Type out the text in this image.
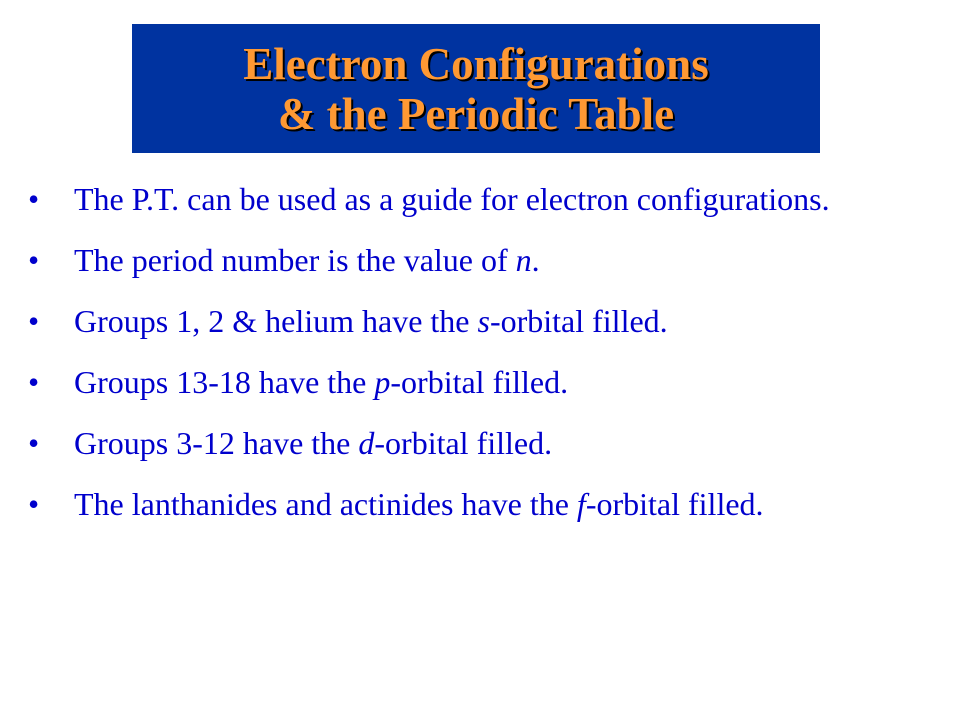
Electron Configurations
& the Periodic Table
• The P.T. can be used as a guide for electron configurations.
• The period number is the value of n.
• Groups 1, 2 & helium have the s-orbital filled.
• Groups 13-18 have the p-orbital filled.
• Groups 3-12 have the d-orbital filled.
• The lanthanides and actinides have the f-orbital filled.
